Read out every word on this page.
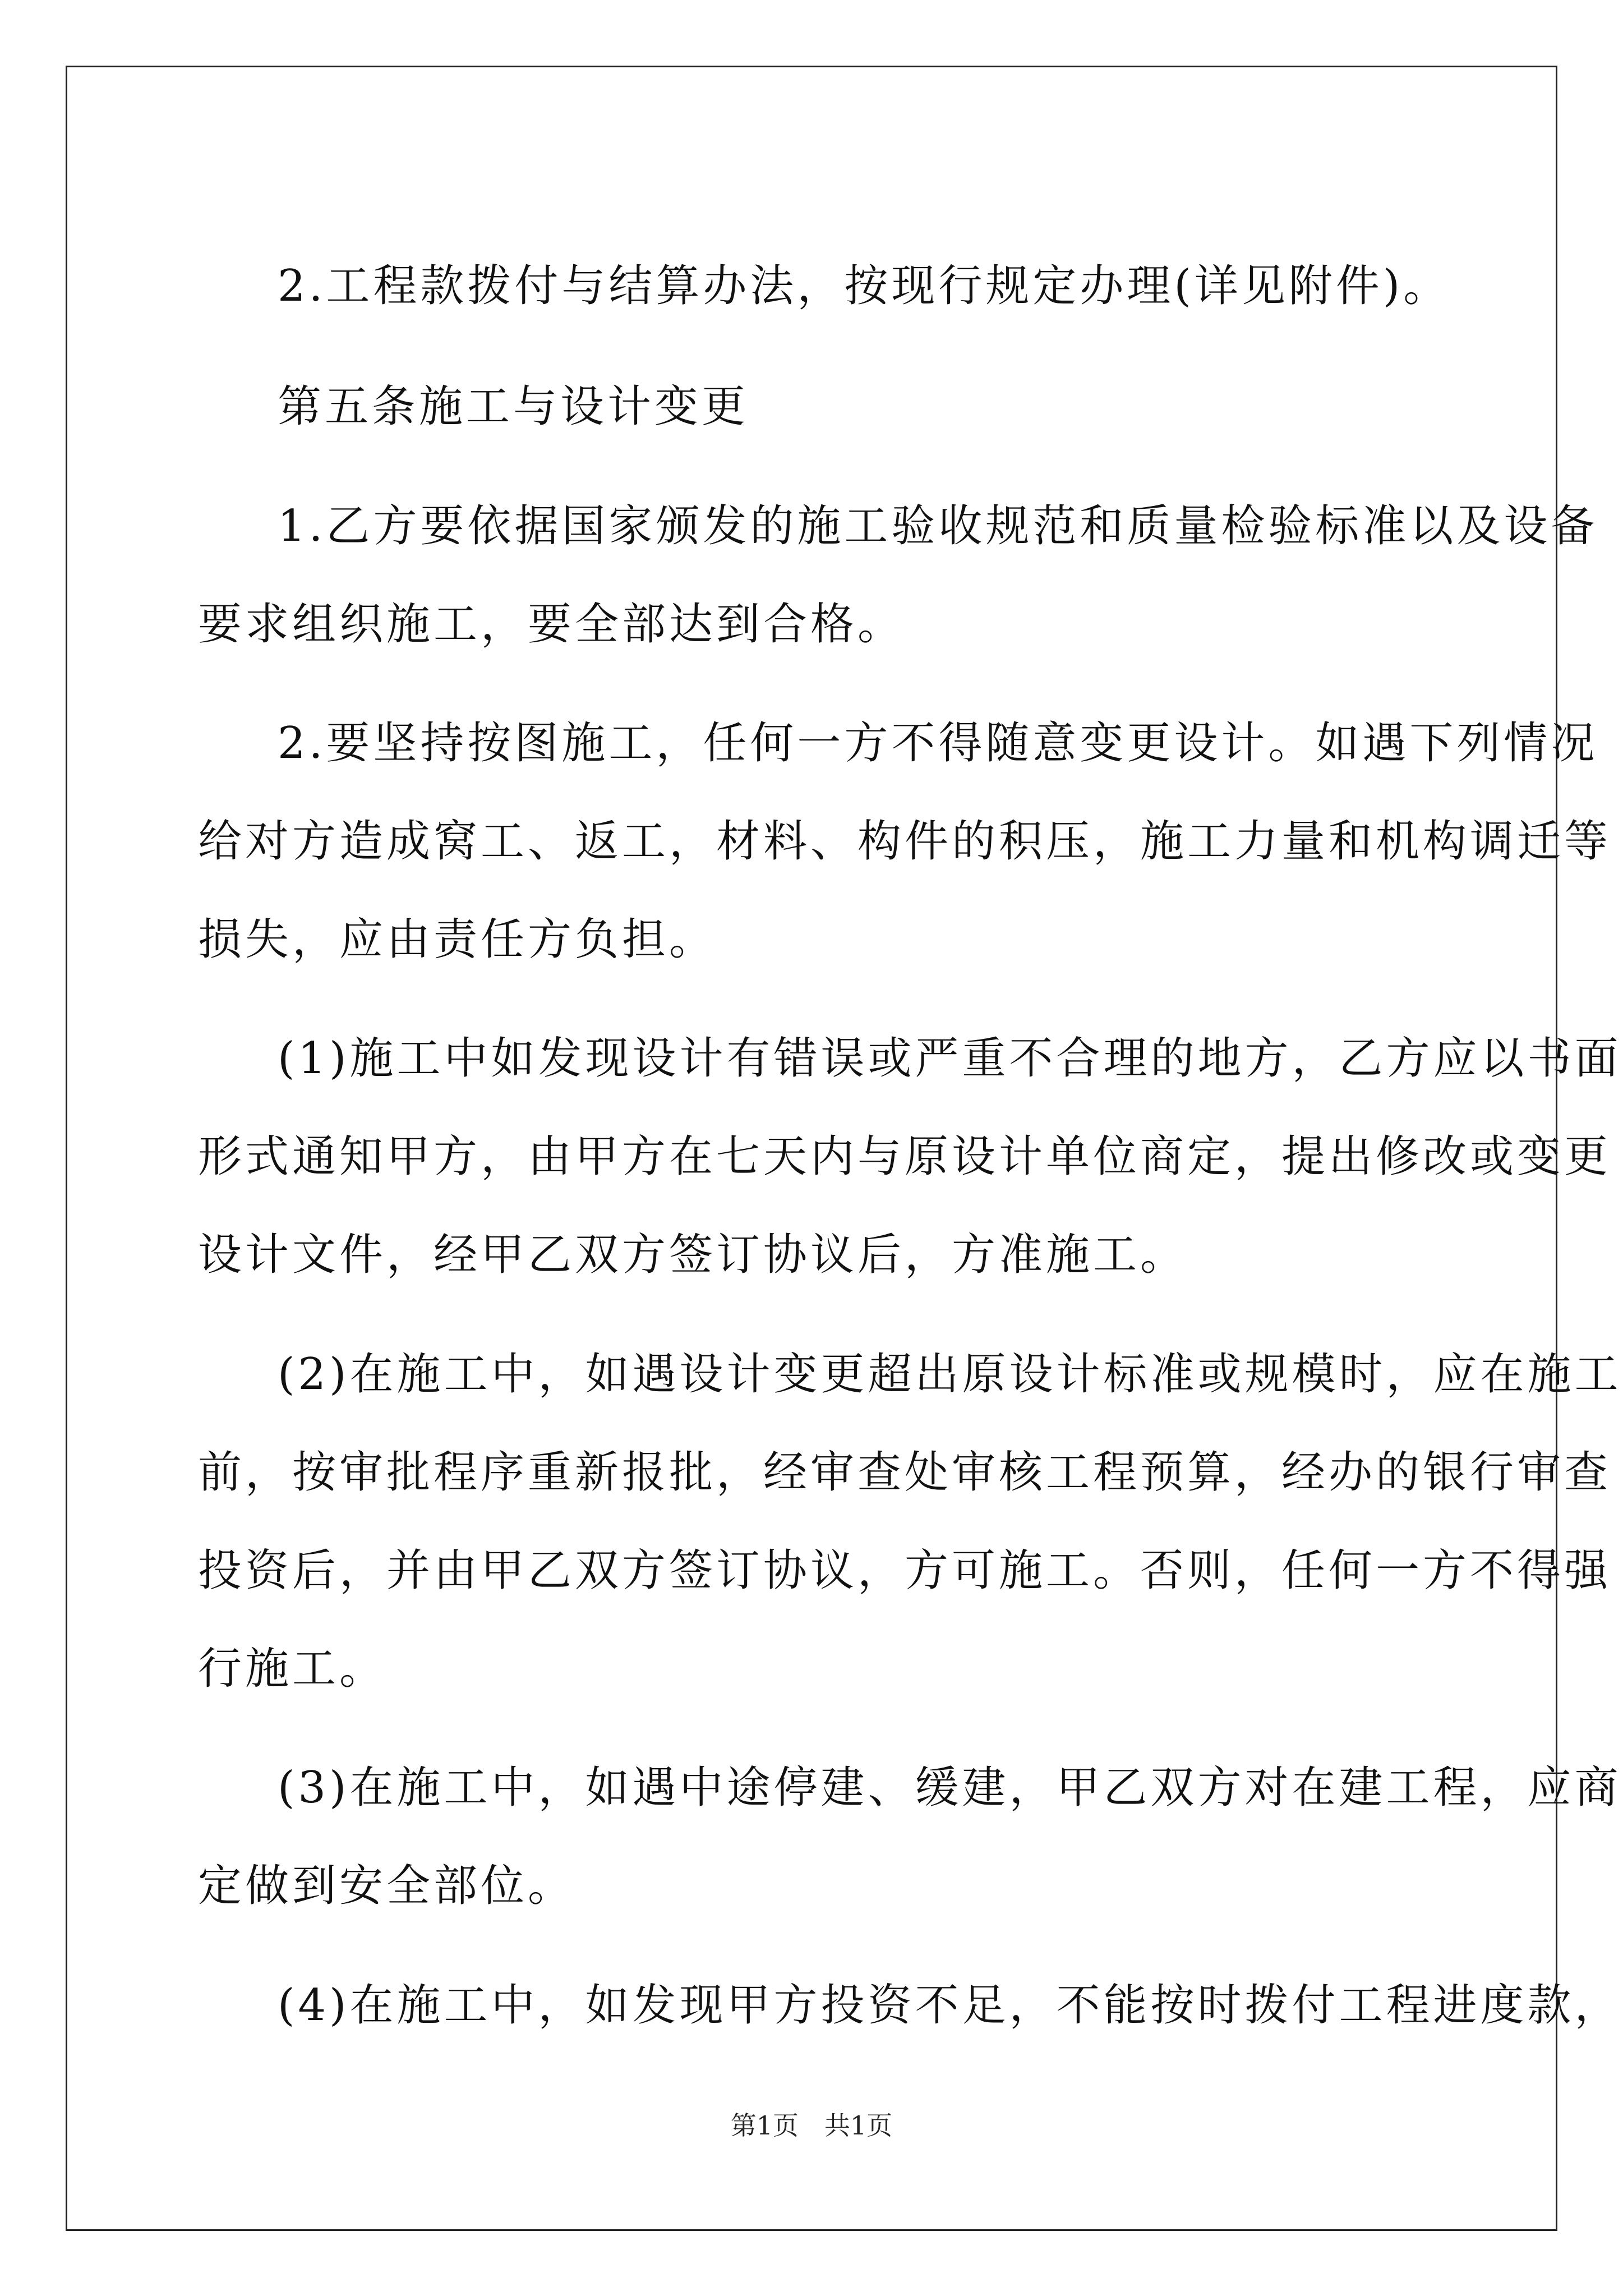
2.工程款拨付与结算办法，按现行规定办理(详见附件)。
第五条施工与设计变更
1.乙方要依据国家颁发的施工验收规范和质量检验标准以及设备
要求组织施工，要全部达到合格。
2.要坚持按图施工，任何一方不得随意变更设计。如遇下列情况
给对方造成窝工、返工，材料、构件的积压，施工力量和机构调迁等
损失，应由责任方负担。
(1)施工中如发现设计有错误或严重不合理的地方，乙方应以书面
形式通知甲方，由甲方在七天内与原设计单位商定，提出修改或变更
设计文件，经甲乙双方签订协议后，方准施工。
(2)在施工中，如遇设计变更超出原设计标准或规模时，应在施工
前，按审批程序重新报批，经审查处审核工程预算，经办的银行审查
投资后，并由甲乙双方签订协议，方可施工。否则，任何一方不得强
行施工。
(3)在施工中，如遇中途停建、缓建，甲乙双方对在建工程，应商
定做到安全部位。
(4)在施工中，如发现甲方投资不足，不能按时拨付工程进度款，
第1页　共1页
